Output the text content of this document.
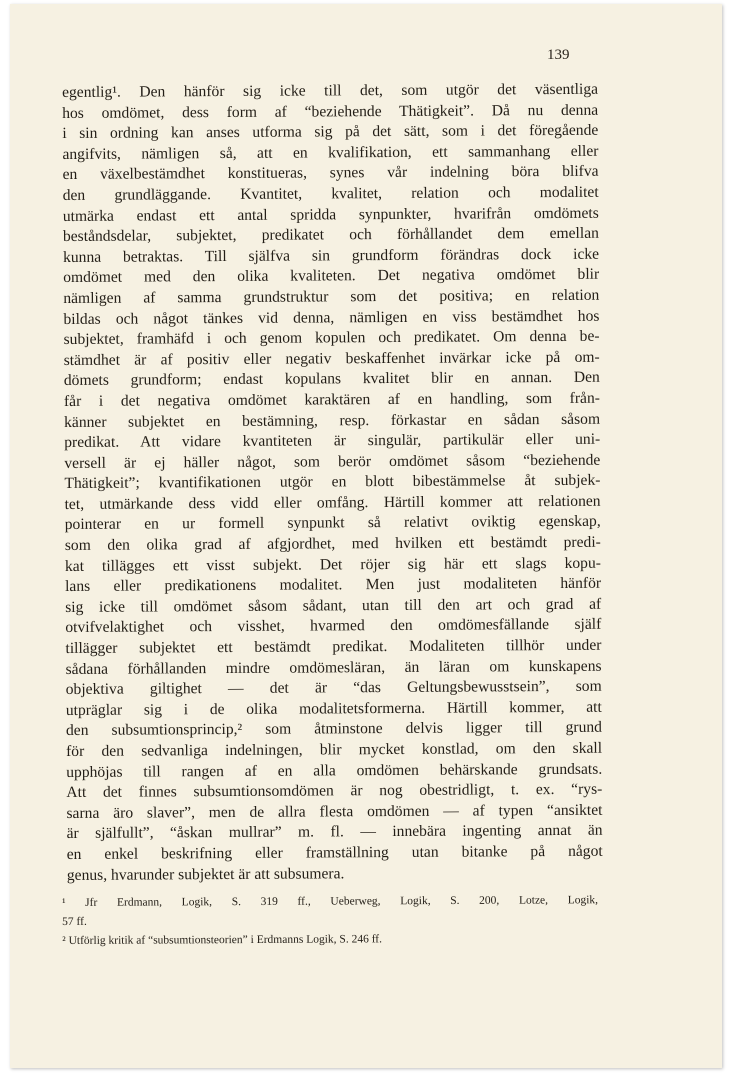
139
egentlig¹. Den hänför sig icke till det, som utgör det väsentliga
hos omdömet, dess form af “beziehende Thätigkeit”. Då nu denna
i sin ordning kan anses utforma sig på det sätt, som i det föregående
angifvits, nämligen så, att en kvalifikation, ett sammanhang eller
en växelbestämdhet konstitueras, synes vår indelning böra blifva
den grundläggande. Kvantitet, kvalitet, relation och modalitet
utmärka endast ett antal spridda synpunkter, hvarifrån omdömets
beståndsdelar, subjektet, predikatet och förhållandet dem emellan
kunna betraktas. Till själfva sin grundform förändras dock icke
omdömet med den olika kvaliteten. Det negativa omdömet blir
nämligen af samma grundstruktur som det positiva; en relation
bildas och något tänkes vid denna, nämligen en viss bestämdhet hos
subjektet, framhäfd i och genom kopulen och predikatet. Om denna be-
stämdhet är af positiv eller negativ beskaffenhet invärkar icke på om-
dömets grundform; endast kopulans kvalitet blir en annan. Den
får i det negativa omdömet karaktären af en handling, som från-
känner subjektet en bestämning, resp. förkastar en sådan såsom
predikat. Att vidare kvantiteten är singulär, partikulär eller uni-
versell är ej häller något, som berör omdömet såsom “beziehende
Thätigkeit”; kvantifikationen utgör en blott bibestämmelse åt subjek-
tet, utmärkande dess vidd eller omfång. Härtill kommer att relationen
pointerar en ur formell synpunkt så relativt oviktig egenskap,
som den olika grad af afgjordhet, med hvilken ett bestämdt predi-
kat tillägges ett visst subjekt. Det röjer sig här ett slags kopu-
lans eller predikationens modalitet. Men just modaliteten hänför
sig icke till omdömet såsom sådant, utan till den art och grad af
otvifvelaktighet och visshet, hvarmed den omdömesfällande själf
tillägger subjektet ett bestämdt predikat. Modaliteten tillhör under
sådana förhållanden mindre omdömesläran, än läran om kunskapens
objektiva giltighet — det är “das Geltungsbewusstsein”, som
utpräglar sig i de olika modalitetsformerna. Härtill kommer, att
den subsumtionsprincip,² som åtminstone delvis ligger till grund
för den sedvanliga indelningen, blir mycket konstlad, om den skall
upphöjas till rangen af en alla omdömen behärskande grundsats.
Att det finnes subsumtionsomdömen är nog obestridligt, t. ex. “rys-
sarna äro slaver”, men de allra flesta omdömen — af typen “ansiktet
är själfullt”, “åskan mullrar” m. fl. — innebära ingenting annat än
en enkel beskrifning eller framställning utan bitanke på något
genus, hvarunder subjektet är att subsumera.
¹ Jfr Erdmann, Logik, S. 319 ff., Ueberweg, Logik, S. 200, Lotze, Logik,
57 ff.
² Utförlig kritik af “subsumtionsteorien” i Erdmanns Logik, S. 246 ff.
